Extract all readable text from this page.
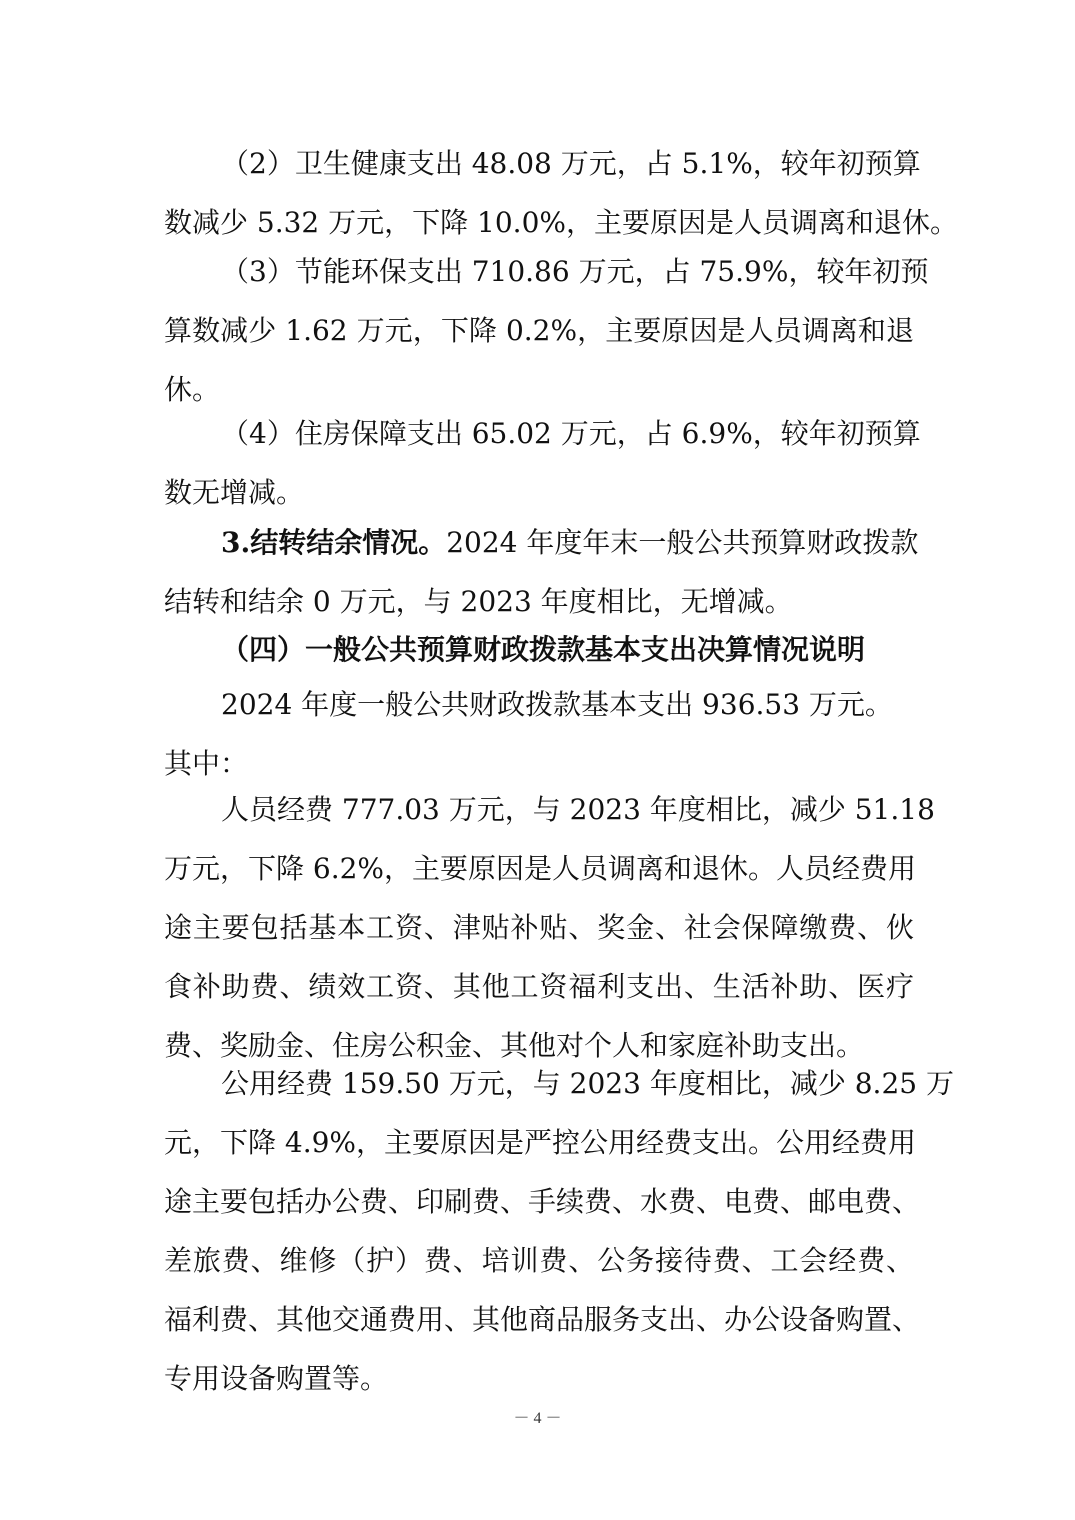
（2）卫生健康支出 48.08 万元，占 5.1%，较年初预算
数减少 5.32 万元，下降 10.0%，主要原因是人员调离和退休。
（3）节能环保支出 710.86 万元，占 75.9%，较年初预
算数减少 1.62 万元，下降 0.2%，主要原因是人员调离和退
休。
（4）住房保障支出 65.02 万元，占 6.9%，较年初预算
数无增减。
3.结转结余情况。2024 年度年末一般公共预算财政拨款
结转和结余 0 万元，与 2023 年度相比，无增减。
（四）一般公共预算财政拨款基本支出决算情况说明
2024 年度一般公共财政拨款基本支出 936.53 万元。
其中：
人员经费 777.03 万元，与 2023 年度相比，减少 51.18
万元，下降 6.2%，主要原因是人员调离和退休。人员经费用
途主要包括基本工资、津贴补贴、奖金、社会保障缴费、伙
食补助费、绩效工资、其他工资福利支出、生活补助、医疗
费、奖励金、住房公积金、其他对个人和家庭补助支出。
公用经费 159.50 万元，与 2023 年度相比，减少 8.25 万
元，下降 4.9%，主要原因是严控公用经费支出。公用经费用
途主要包括办公费、印刷费、手续费、水费、电费、邮电费、
差旅费、维修（护）费、培训费、公务接待费、工会经费、
福利费、其他交通费用、其他商品服务支出、办公设备购置、
专用设备购置等。
－ 4 －
